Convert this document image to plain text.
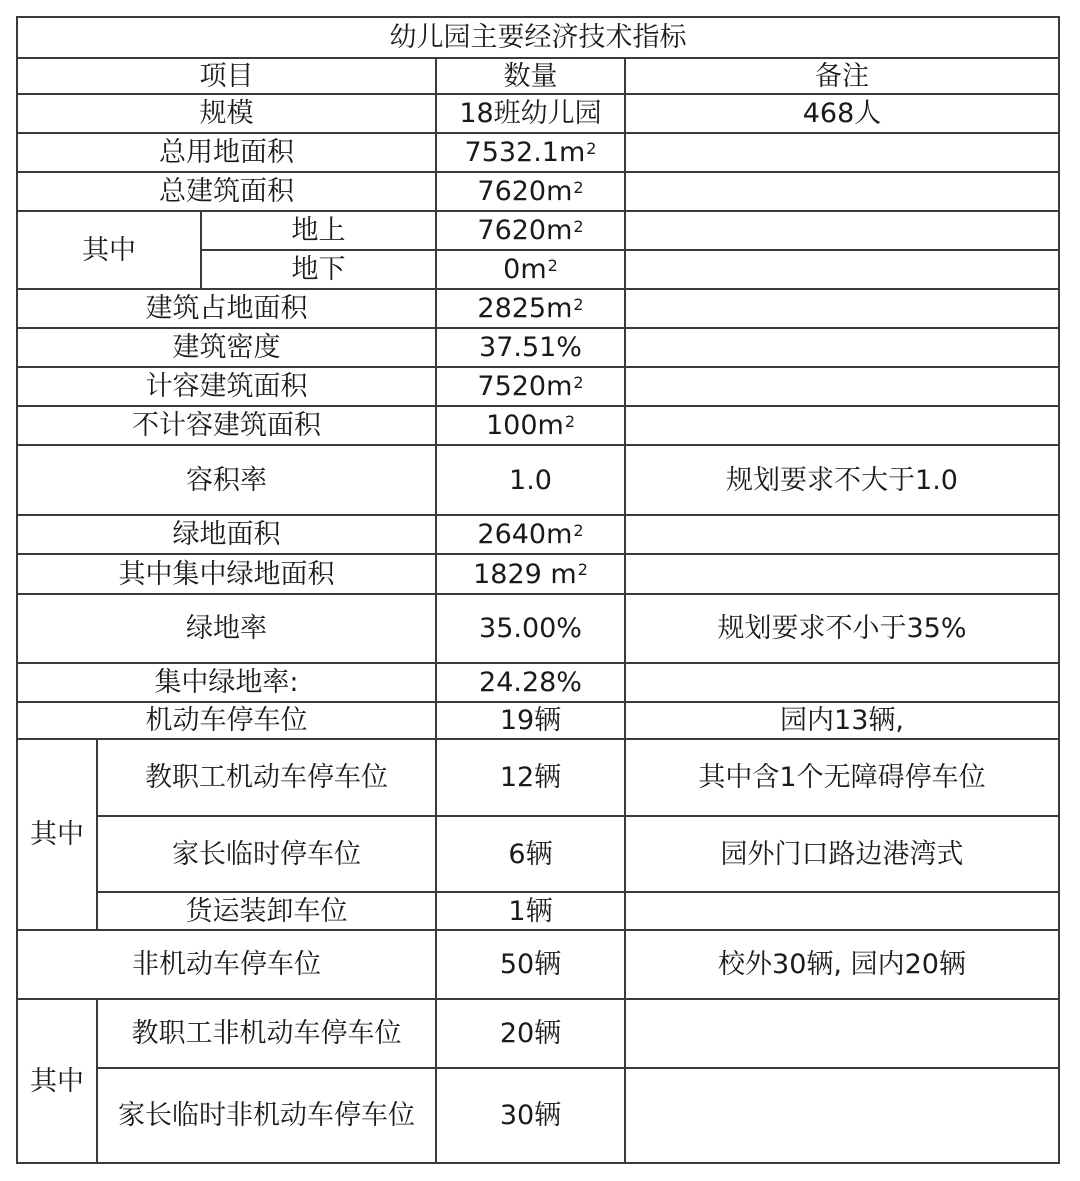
幼儿园主要经济技术指标
项目	数量	备注
规模	18班幼儿园	468人
总用地面积	$7532.1m^2$
总建筑面积	$7620m^2$
其中
地上	$7620m^2$
地下	$0m^2$
建筑占地面积	$2825m^2$
建筑密度	37.51%
计容建筑面积	$7520m^2$
不计容建筑面积	$100m^2$
容积率	1.0	规划要求不大于1.0
绿地面积	$2640m^2$
其中集中绿地面积	1829 $m^2$
绿地率	35.00%	规划要求不小于35%
集中绿地率:	24.28%
机动车停车位	19辆	园内13辆,
其中
教职工机动车停车位	12辆	其中含1个无障碍停车位
家长临时停车位	6辆	园外门口路边港湾式
货运装卸车位	1辆
非机动车停车位	50辆	校外30辆, 园内20辆
其中
教职工非机动车停车位	20辆
家长临时非机动车停车位	30辆
